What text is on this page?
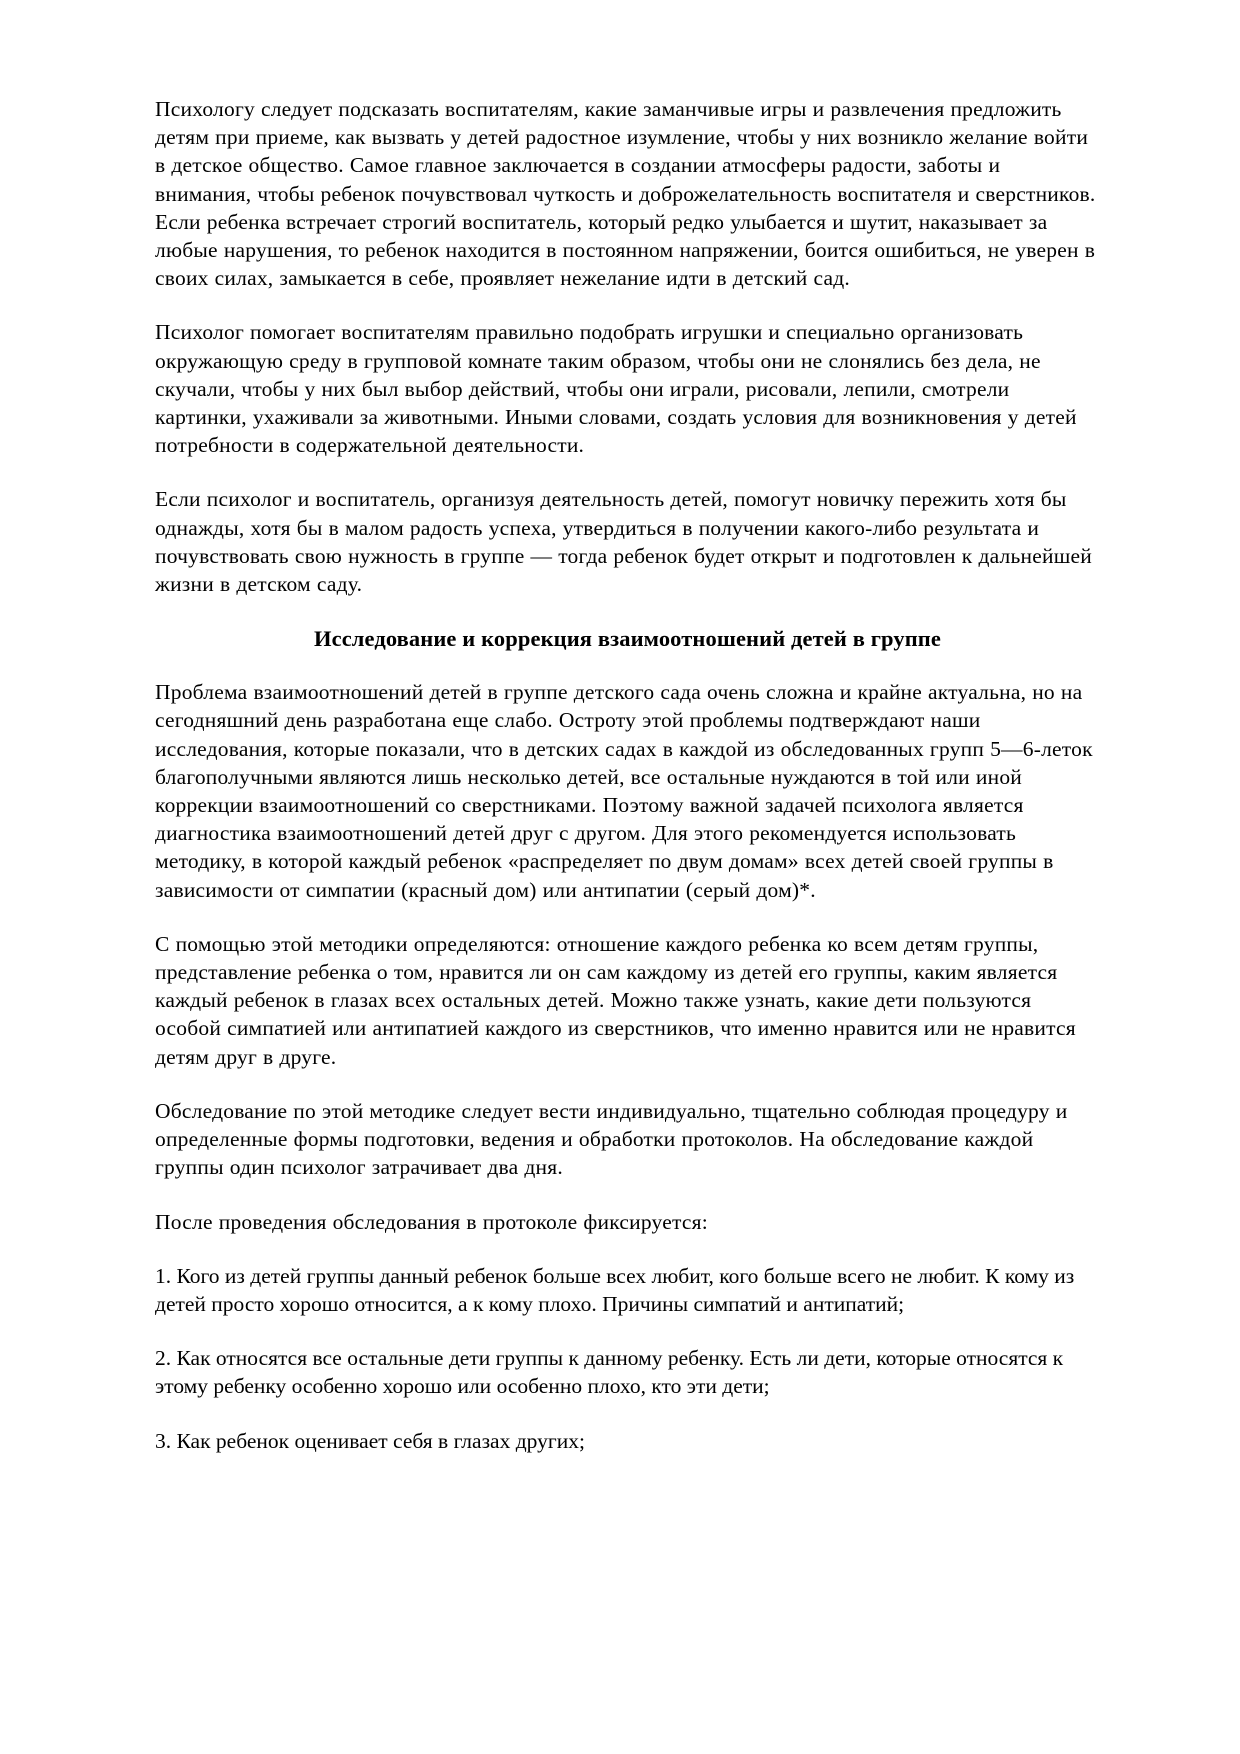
Психологу следует подсказать воспитателям, какие заманчивые игры и развлечения предложить детям при приеме, как вызвать у детей радостное изумление, чтобы у них возникло желание войти в детское общество. Самое главное заключается в создании атмосферы радости, заботы и внимания, чтобы ребенок почувствовал чуткость и доброжелательность воспитателя и сверстников. Если ребенка встречает строгий воспитатель, который редко улыбается и шутит, наказывает за любые нарушения, то ребенок находится в постоянном напряжении, боится ошибиться, не уверен в своих силах, замыкается в себе, проявляет нежелание идти в детский сад.

Психолог помогает воспитателям правильно подобрать игрушки и специально организовать окружающую среду в групповой комнате таким образом, чтобы они не слонялись без дела, не скучали, чтобы у них был выбор действий, чтобы они играли, рисовали, лепили, смотрели картинки, ухаживали за животными. Иными словами, создать условия для возникновения у детей потребности в содержательной деятельности.

Если психолог и воспитатель, организуя деятельность детей, помогут новичку пережить хотя бы однажды, хотя бы в малом радость успеха, утвердиться в получении какого-либо результата и почувствовать свою нужность в группе — тогда ребенок будет открыт и подготовлен к дальнейшей жизни в детском саду.

Исследование и коррекция взаимоотношений детей в группе

Проблема взаимоотношений детей в группе детского сада очень сложна и крайне актуальна, но на сегодняшний день разработана еще слабо. Остроту этой проблемы подтверждают наши исследования, которые показали, что в детских садах в каждой из обследованных групп 5—6-леток благополучными являются лишь несколько детей, все остальные нуждаются в той или иной коррекции взаимоотношений со сверстниками. Поэтому важной задачей психолога является диагностика взаимоотношений детей друг с другом. Для этого рекомендуется использовать методику, в которой каждый ребенок «распределяет по двум домам» всех детей своей группы в зависимости от симпатии (красный дом) или антипатии (серый дом)*.

С помощью этой методики определяются: отношение каждого ребенка ко всем детям группы, представление ребенка о том, нравится ли он сам каждому из детей его группы, каким является каждый ребенок в глазах всех остальных детей. Можно также узнать, какие дети пользуются особой симпатией или антипатией каждого из сверстников, что именно нравится или не нравится детям друг в друге.

Обследование по этой методике следует вести индивидуально, тщательно соблюдая процедуру и определенные формы подготовки, ведения и обработки протоколов. На обследование каждой группы один психолог затрачивает два дня.

После проведения обследования в протоколе фиксируется:

1. Кого из детей группы данный ребенок больше всех любит, кого больше всего не любит. К кому из детей просто хорошо относится, а к кому плохо. Причины симпатий и антипатий;

2. Как относятся все остальные дети группы к данному ребенку. Есть ли дети, которые относятся к этому ребенку особенно хорошо или особенно плохо, кто эти дети;

3. Как ребенок оценивает себя в глазах других;
